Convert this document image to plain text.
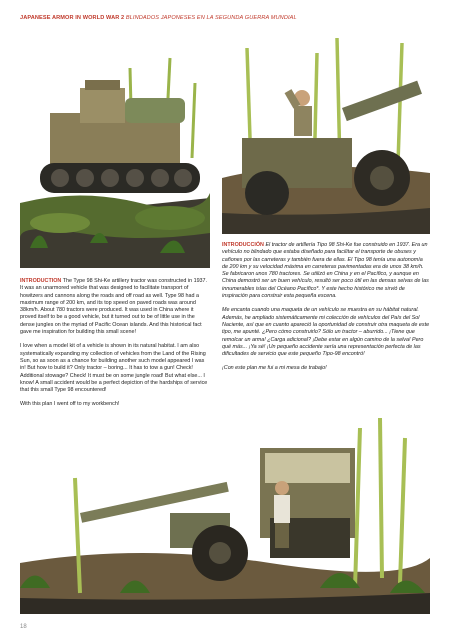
JAPANESE ARMOR IN WORLD WAR 2 BLINDADOS JAPONESES EN LA SEGUNDA GUERRA MUNDIAL

INTRODUCTION The Type 98 Shi-Ke artillery tractor was constructed in 1937. It was an unarmored vehicle that was designed to facilitate transport of howitzers and cannons along the roads and off road as well. Type 98 had a maximum range of 200 km, and its top speed on paved roads was around 38km/h. About 780 tractors were produced. It was used in China where it proved itself to be a good vehicle, but it turned out to be of little use in the dense jungles on the myriad of Pacific Ocean islands. And this historical fact gave me inspiration for building this small scene!

I love when a model kit of a vehicle is shown in its natural habitat. I am also systematically expanding my collection of vehicles from the Land of the Rising Sun, so as soon as a chance for building another such model appeared I was in! But how to build it? Only tractor – boring... It has to tow a gun! Check! Additional stowage? Check! It must be on some jungle road! But what else... I know! A small accident would be a perfect depiction of the hardships of service that this small Type 98 encountered!

With this plan I went off to my workbench!

INTRODUCCIÓN El tractor de artillería Tipo 98 Shi-Ke fue construido en 1937. Era un vehículo no blindado que estaba diseñado para facilitar el transporte de obuses y cañones por las carreteras y también fuera de ellas. El Tipo 98 tenía una autonomía de 200 km y su velocidad máxima en carreteras pavimentadas era de unos 38 km/h. Se fabricaron unos 780 tractores. Se utilizó en China y en el Pacífico, y aunque en China demostró ser un buen vehículo, resultó ser poco útil en las densas selvas de las innumerables islas del Océano Pacífico*. Y este hecho histórico me sirvió de inspiración para construir esta pequeña escena.

Me encanta cuando una maqueta de un vehículo se muestra en su hábitat natural. Además, he ampliado sistemáticamente mi colección de vehículos del País del Sol Naciente, así que en cuanto apareció la oportunidad de construir otra maqueta de este tipo, me apunté. ¿Pero cómo construirlo? Sólo un tractor – aburrido... ¡Tiene que remolcar un arma! ¿Carga adicional? ¡Debe estar en algún camino de la selva! Pero qué más... ¡Ya sé! ¡Un pequeño accidente sería una representación perfecta de las dificultades de servicio que este pequeño Tipo-98 encontró!

¡Con este plan me fui a mi mesa de trabajo!

18
